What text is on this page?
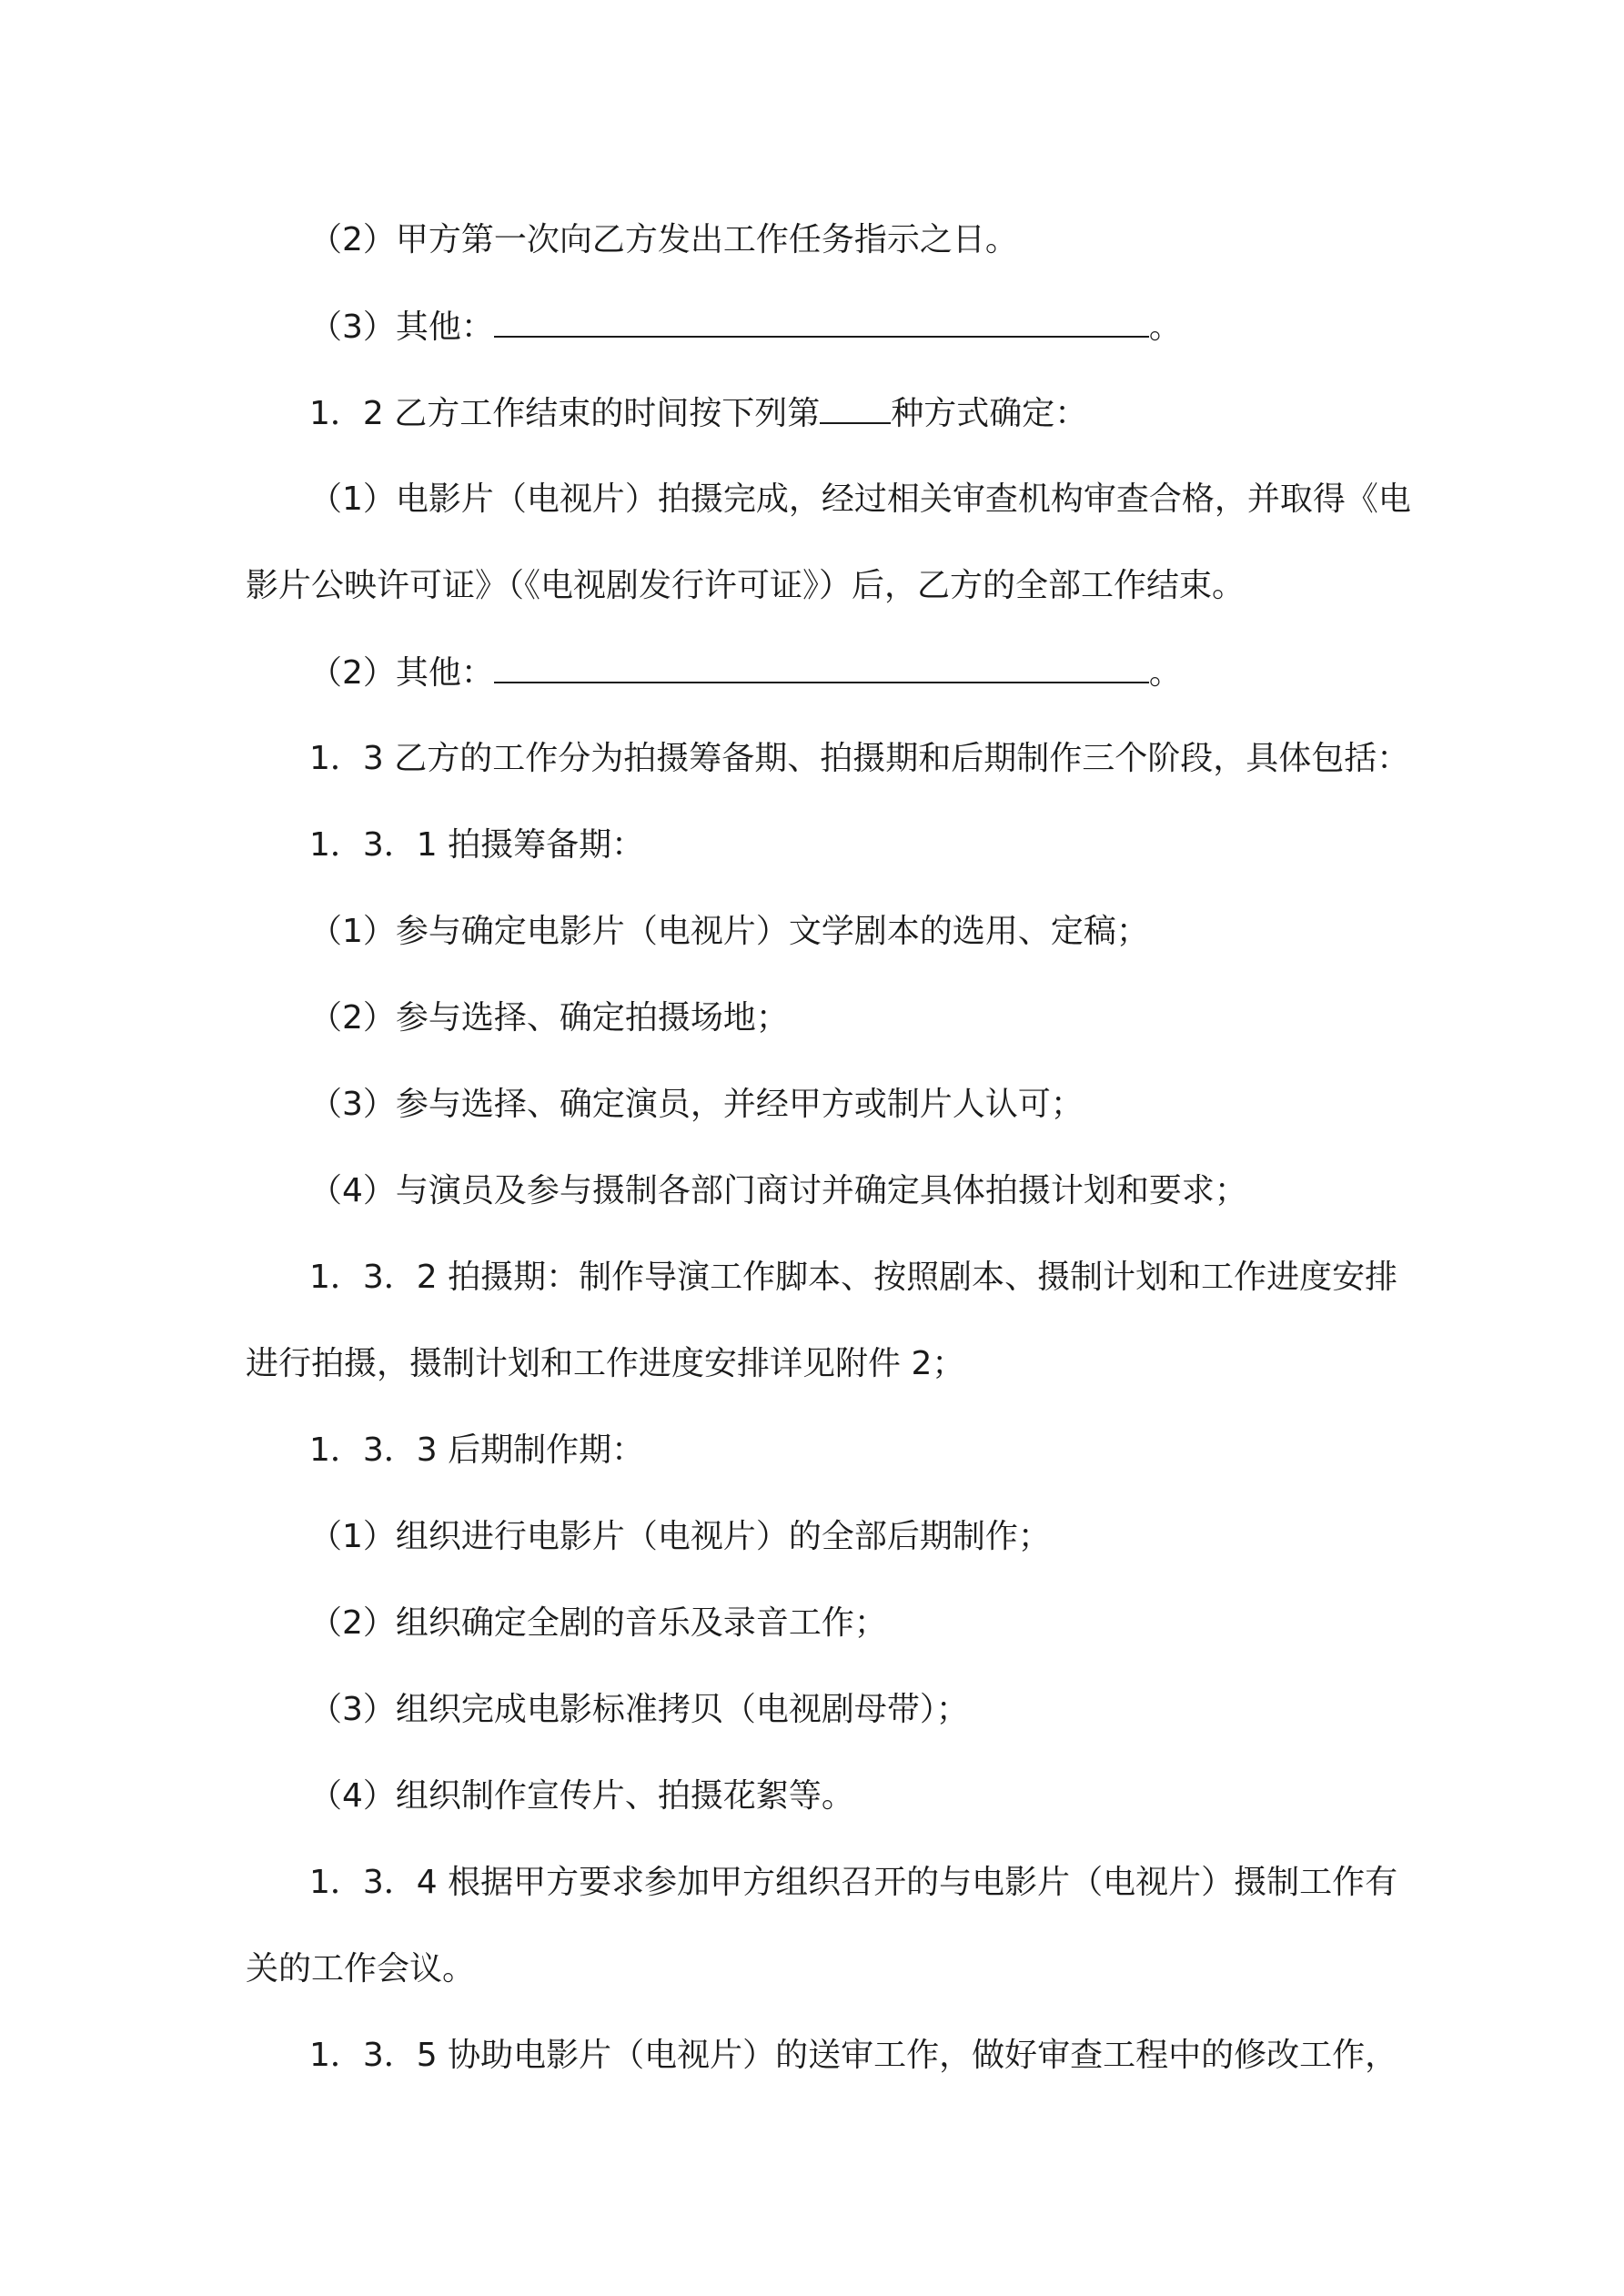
（2）甲方第一次向乙方发出工作任务指示之日。
（3）其他：	。
1．2 乙方工作结束的时间按下列第 种方式确定：
（1）电影片（电视片）拍摄完成，经过相关审查机构审查合格，并取得《电
影片公映许可证》（《电视剧发行许可证》）后，乙方的全部工作结束。
（2）其他：	。
1．3 乙方的工作分为拍摄筹备期、拍摄期和后期制作三个阶段，具体包括：
1．3．1 拍摄筹备期：
（1）参与确定电影片（电视片）文学剧本的选用、定稿；
（2）参与选择、确定拍摄场地；
（3）参与选择、确定演员，并经甲方或制片人认可；
（4）与演员及参与摄制各部门商讨并确定具体拍摄计划和要求；
1．3．2 拍摄期：制作导演工作脚本、按照剧本、摄制计划和工作进度安排
进行拍摄，摄制计划和工作进度安排详见附件 2；
1．3．3 后期制作期：
（1）组织进行电影片（电视片）的全部后期制作；
（2）组织确定全剧的音乐及录音工作；
（3）组织完成电影标准拷贝（电视剧母带）；
（4）组织制作宣传片、拍摄花絮等。
1．3．4 根据甲方要求参加甲方组织召开的与电影片（电视片）摄制工作有
关的工作会议。
1．3．5 协助电影片（电视片）的送审工作，做好审查工程中的修改工作，
